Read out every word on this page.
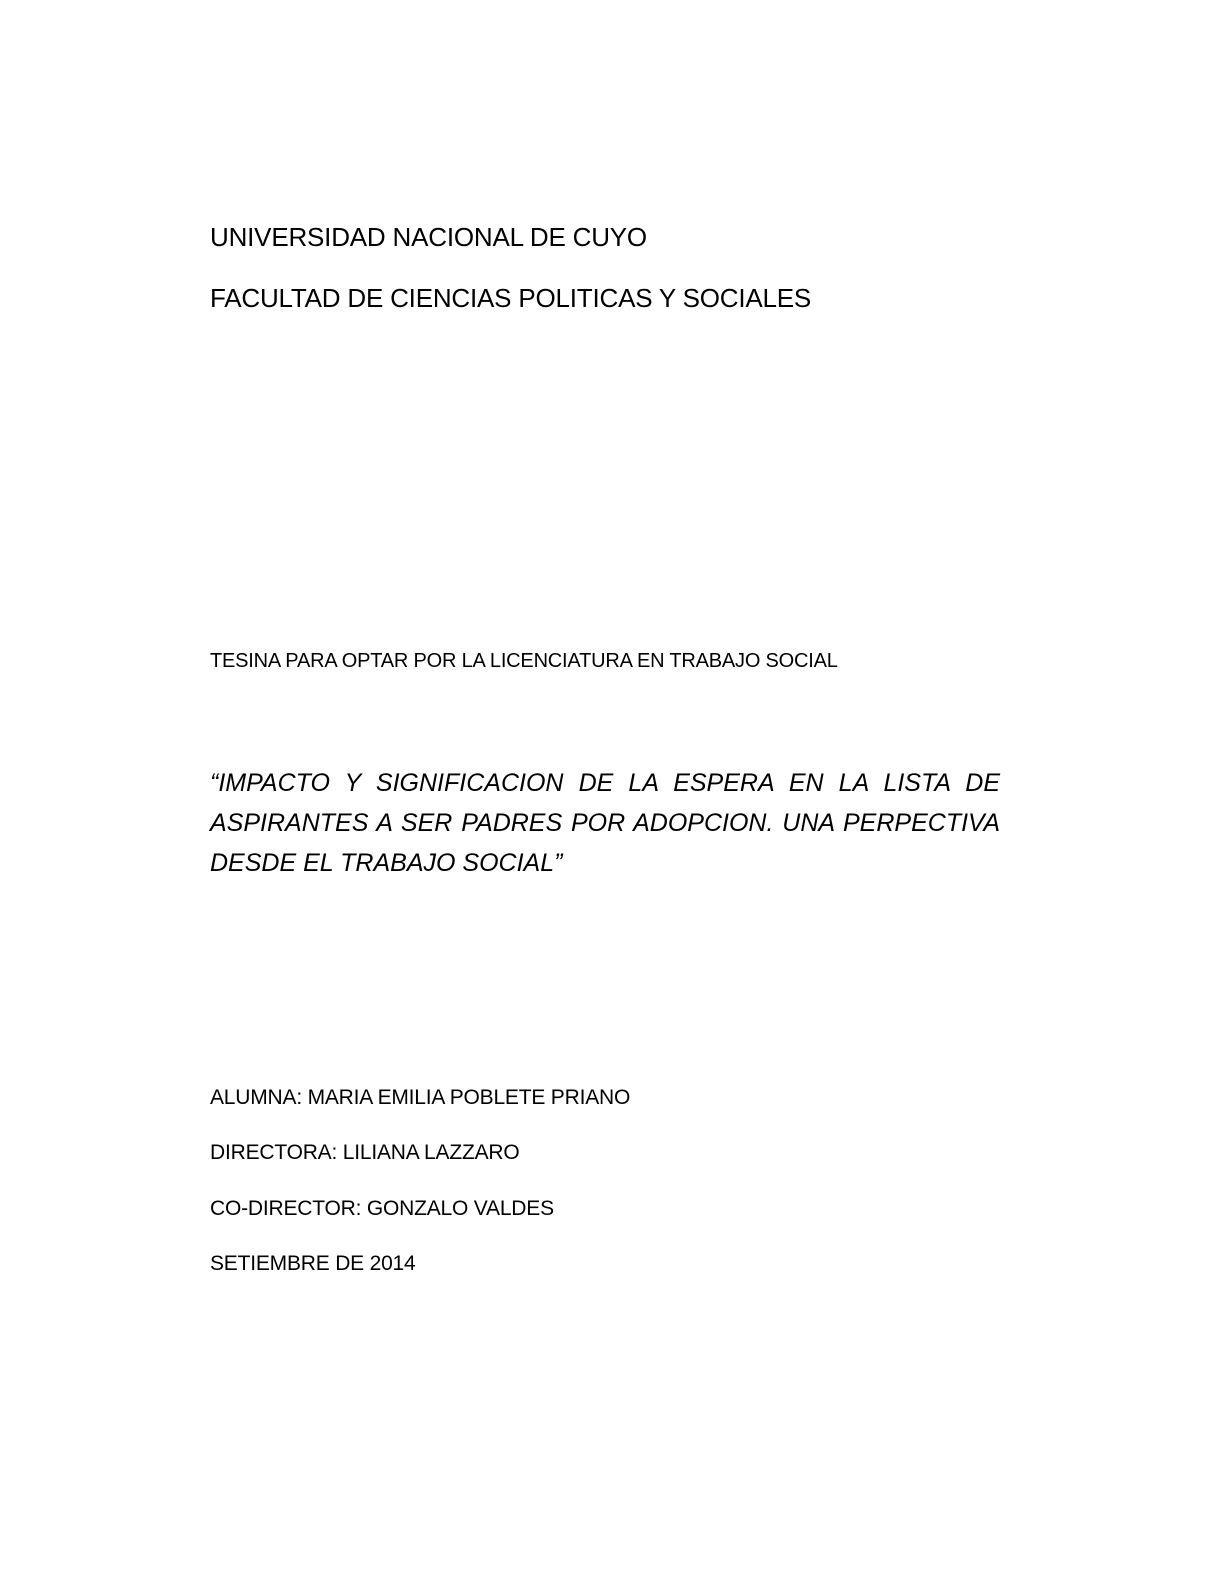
UNIVERSIDAD NACIONAL DE CUYO
FACULTAD DE CIENCIAS POLITICAS Y SOCIALES
TESINA PARA OPTAR POR LA LICENCIATURA EN TRABAJO SOCIAL
“IMPACTO Y SIGNIFICACION DE LA ESPERA EN LA LISTA DE
ASPIRANTES A SER PADRES POR ADOPCION. UNA PERPECTIVA
DESDE EL TRABAJO SOCIAL”
ALUMNA: MARIA EMILIA POBLETE PRIANO
DIRECTORA: LILIANA LAZZARO
CO-DIRECTOR: GONZALO VALDES
SETIEMBRE DE 2014
